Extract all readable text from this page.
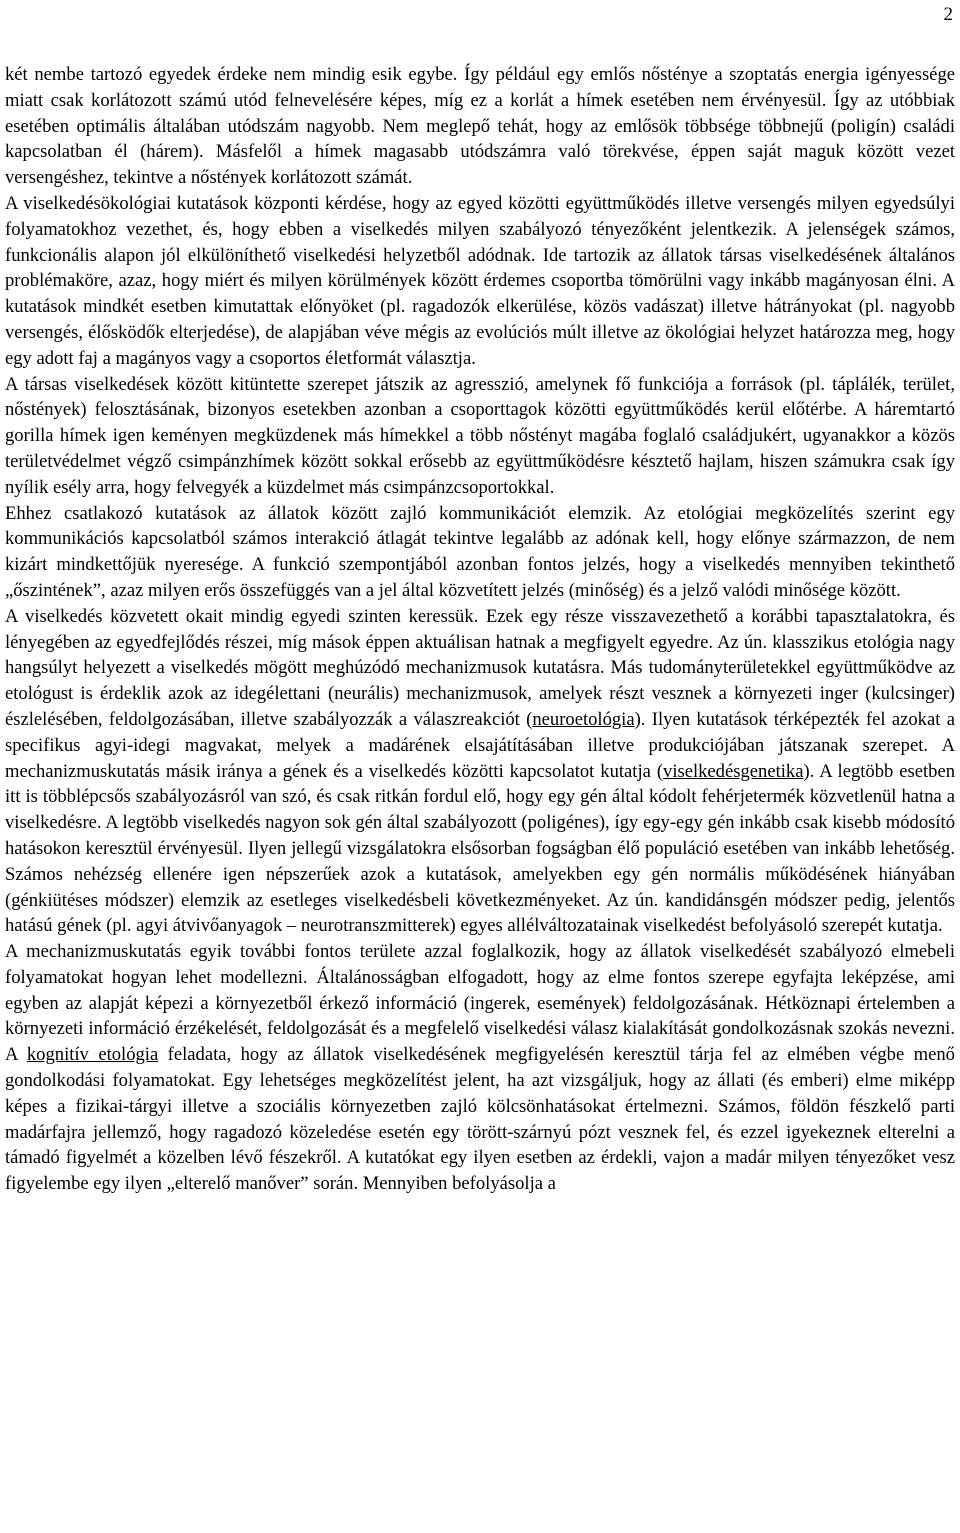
2

két nembe tartozó egyedek érdeke nem mindig esik egybe. Így például egy emlős nősténye a szoptatás energia igényessége miatt csak korlátozott számú utód felnevelésére képes, míg ez a korlát a hímek esetében nem érvényesül. Így az utóbbiak esetében optimális általában utódszám nagyobb. Nem meglepő tehát, hogy az emlősök többsége többnejű (poligín) családi kapcsolatban él (hárem). Másfelől a hímek magasabb utódszámra való törekvése, éppen saját maguk között vezet versengéshez, tekintve a nőstények korlátozott számát.

A viselkedésökológiai kutatások központi kérdése, hogy az egyed közötti együttműködés illetve versengés milyen egyedsúlyi folyamatokhoz vezethet, és, hogy ebben a viselkedés milyen szabályozó tényezőként jelentkezik. A jelenségek számos, funkcionális alapon jól elkülöníthető viselkedési helyzetből adódnak. Ide tartozik az állatok társas viselkedésének általános problémaköre, azaz, hogy miért és milyen körülmények között érdemes csoportba tömörülni vagy inkább magányosan élni. A kutatások mindkét esetben kimutattak előnyöket (pl. ragadozók elkerülése, közös vadászat) illetve hátrányokat (pl. nagyobb versengés, élősködők elterjedése), de alapjában véve mégis az evolúciós múlt illetve az ökológiai helyzet határozza meg, hogy egy adott faj a magányos vagy a csoportos életformát választja.

A társas viselkedések között kitüntette szerepet játszik az agresszió, amelynek fő funkciója a források (pl. táplálék, terület, nőstények) felosztásának, bizonyos esetekben azonban a csoporttagok közötti együttműködés kerül előtérbe. A háremtartó gorilla hímek igen keményen megküzdenek más hímekkel a több nőstényt magába foglaló családjukért, ugyanakkor a közös területvédelmet végző csimpánzhímek között sokkal erősebb az együttműködésre késztető hajlam, hiszen számukra csak így nyílik esély arra, hogy felvegyék a küzdelmet más csimpánzcsoportokkal.

Ehhez csatlakozó kutatások az állatok között zajló kommunikációt elemzik. Az etológiai megközelítés szerint egy kommunikációs kapcsolatból számos interakció átlagát tekintve legalább az adónak kell, hogy előnye származzon, de nem kizárt mindkettőjük nyeresége. A funkció szempontjából azonban fontos jelzés, hogy a viselkedés mennyiben tekinthető „őszintének”, azaz milyen erős összefüggés van a jel által közvetített jelzés (minőség) és a jelző valódi minősége között.

A viselkedés közvetett okait mindig egyedi szinten keressük. Ezek egy része visszavezethető a korábbi tapasztalatokra, és lényegében az egyedfejlődés részei, míg mások éppen aktuálisan hatnak a megfigyelt egyedre. Az ún. klasszikus etológia nagy hangsúlyt helyezett a viselkedés mögött meghúzódó mechanizmusok kutatásra. Más tudományterületekkel együttműködve az etológust is érdeklik azok az idegélettani (neurális) mechanizmusok, amelyek részt vesznek a környezeti inger (kulcsinger) észlelésében, feldolgozásában, illetve szabályozzák a válaszreakciót (neuroetológia). Ilyen kutatások térképezték fel azokat a specifikus agyi-idegi magvakat, melyek a madárének elsajátításában illetve produkciójában játszanak szerepet. A mechanizmuskutatás másik iránya a gének és a viselkedés közötti kapcsolatot kutatja (viselkedésgenetika). A legtöbb esetben itt is többlépcsős szabályozásról van szó, és csak ritkán fordul elő, hogy egy gén által kódolt fehérjetermék közvetlenül hatna a viselkedésre. A legtöbb viselkedés nagyon sok gén által szabályozott (poligénes), így egy-egy gén inkább csak kisebb módosító hatásokon keresztül érvényesül. Ilyen jellegű vizsgálatokra elsősorban fogságban élő populáció esetében van inkább lehetőség. Számos nehézség ellenére igen népszerűek azok a kutatások, amelyekben egy gén normális működésének hiányában (génkiütéses módszer) elemzik az esetleges viselkedésbeli következményeket. Az ún. kandidánsgén módszer pedig, jelentős hatású gének (pl. agyi átvivőanyagok – neurotranszmitterek) egyes allélváltozatainak viselkedést befolyásoló szerepét kutatja.

A mechanizmuskutatás egyik további fontos területe azzal foglalkozik, hogy az állatok viselkedését szabályozó elmebeli folyamatokat hogyan lehet modellezni. Általánosságban elfogadott, hogy az elme fontos szerepe egyfajta leképzése, ami egyben az alapját képezi a környezetből érkező információ (ingerek, események) feldolgozásának. Hétköznapi értelemben a környezeti információ érzékelését, feldolgozását és a megfelelő viselkedési válasz kialakítását gondolkozásnak szokás nevezni. A kognitív etológia feladata, hogy az állatok viselkedésének megfigyelésén keresztül tárja fel az elmében végbe menő gondolkodási folyamatokat. Egy lehetséges megközelítést jelent, ha azt vizsgáljuk, hogy az állati (és emberi) elme miképp képes a fizikai-tárgyi illetve a szociális környezetben zajló kölcsönhatásokat értelmezni. Számos, földön fészkelő parti madárfajra jellemző, hogy ragadozó közeledése esetén egy törött-szárnyú pózt vesznek fel, és ezzel igyekeznek elterelni a támadó figyelmét a közelben lévő fészekről. A kutatókat egy ilyen esetben az érdekli, vajon a madár milyen tényezőket vesz figyelembe egy ilyen „elterelő manőver” során. Mennyiben befolyásolja a
